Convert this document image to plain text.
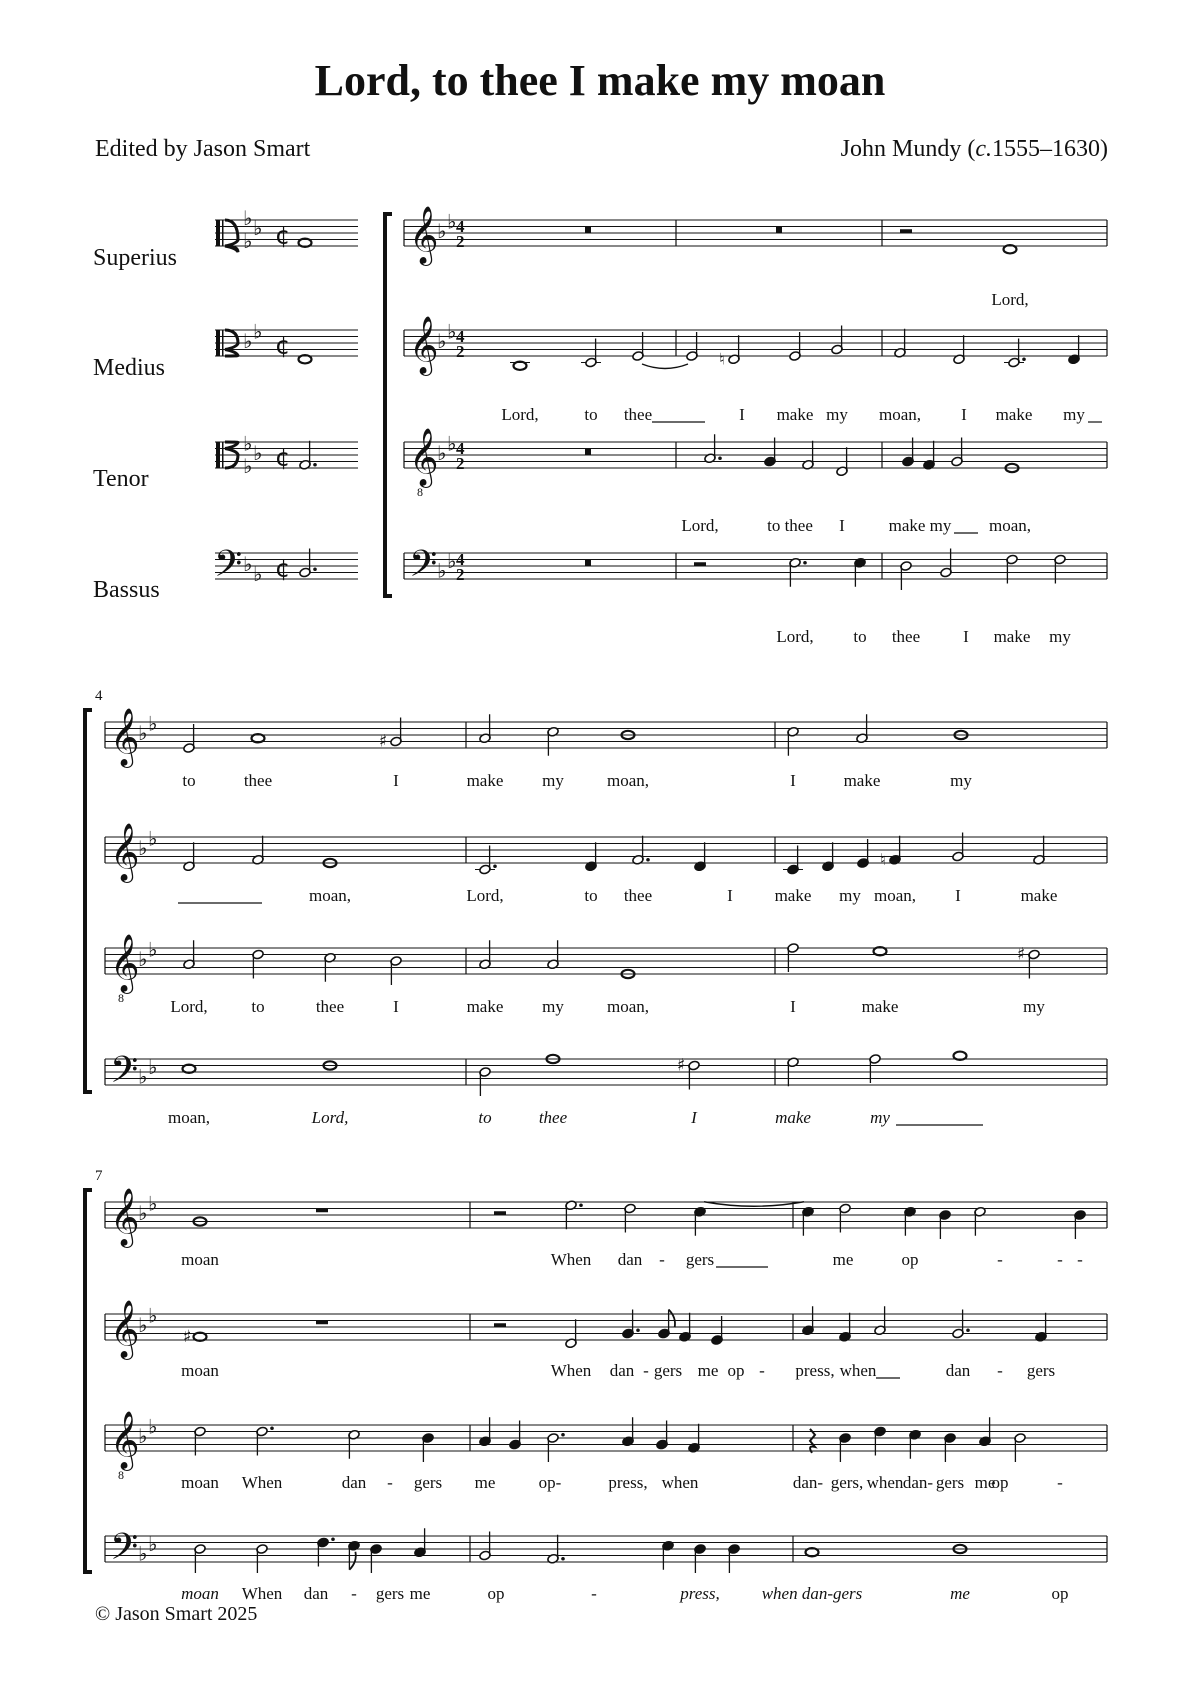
Lord, to thee I make my moan
Edited by Jason Smart	John Mundy (c.1555–1630)
Superius
Medius
Tenor
Bassus 𝄢
♭ ♭
♭ ¢
♭ ♭
¢
♭ ♭
♭ ¢
♭ ♭ ¢
𝄞
♭ ♭ 4
2
𝄞
♭ ♭ 4
2
𝄞
8
♭ ♭ 4
2
𝄢 ♭ ♭ 4
2
Lord,
♮
Lord,	to thee	I make my moan, I make my
Lord,	to thee I	make my moan,
Lord, to thee	I make my
4
𝄞
♭ ♭
𝄞
♭ ♭
𝄞
8
♭ ♭
𝄢 ♭ ♭
♯
to	thee	I	make my	moan,	I	make	my
♮
moan,	Lord,	to thee	I make my moan, I	make
♯
Lord,	to	thee	I	make my	moan,	I	make	my
♯
moan,	Lord,	to	thee	I	make	my
7
𝄞
♭ ♭
𝄞
♭ ♭
𝄞
8
♭ ♭
𝄢 ♭ ♭
moan	When dan	gers	me	op	-	- -
-
♯
moan	When dan - gers me op - press, when	dan - gers
moan When	dan - gers me	op-	press, when	dan- gers, when dan- gers me
op	-
moan When dan - gers me	op	-	press, when dan-gers	me	op
© Jason Smart 2025
